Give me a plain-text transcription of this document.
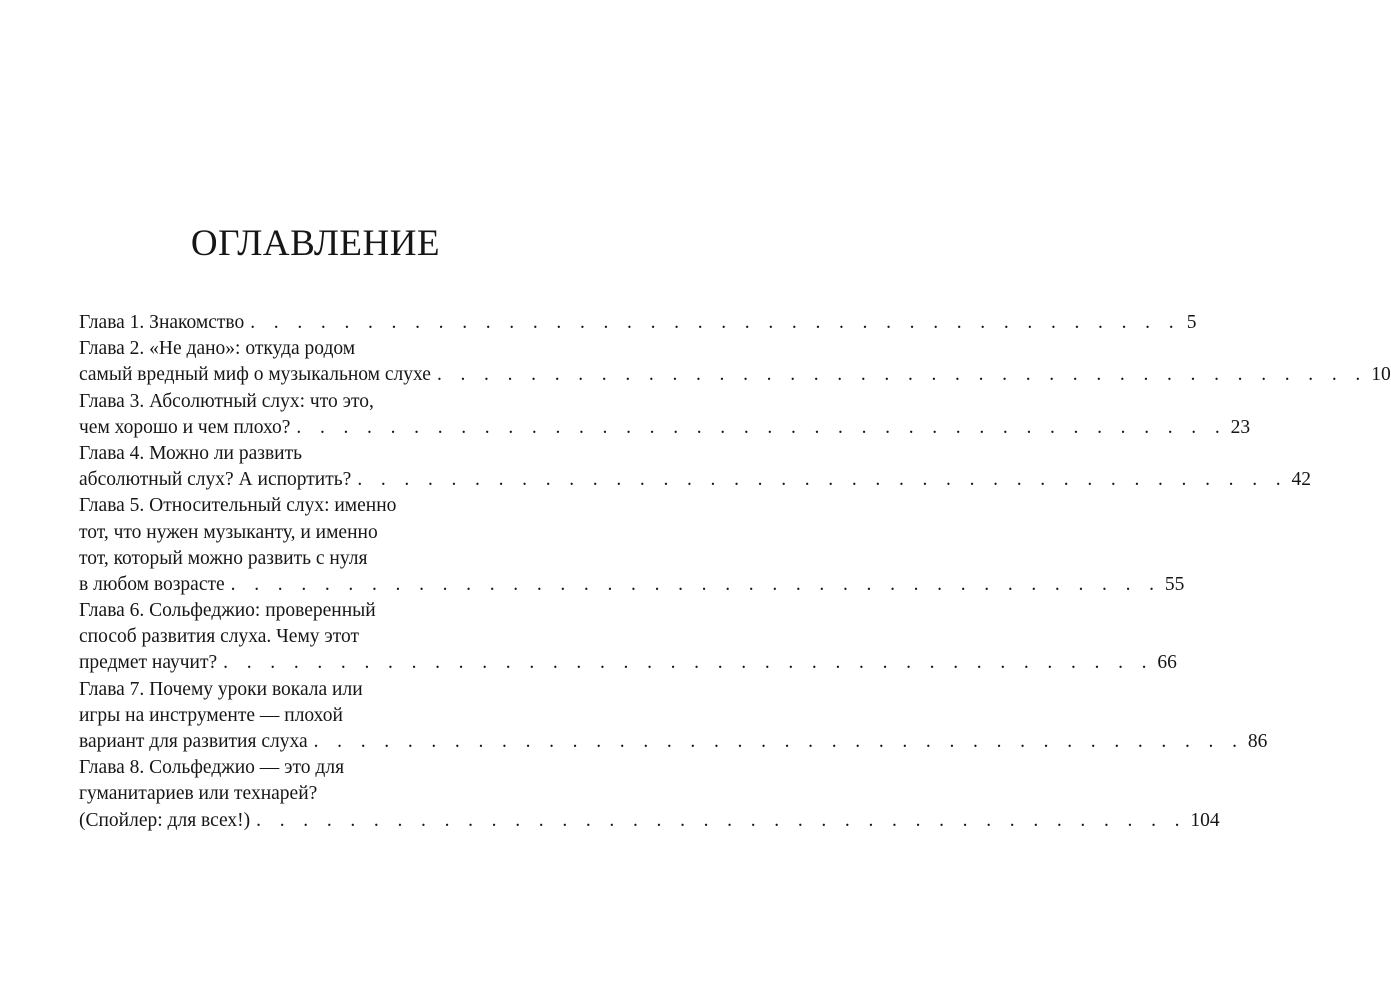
ОГЛАВЛЕНИЕ
Глава 1. Знакомство . . . . . . . . . . . . . . . . . . . . . . . . . . . . . . . . . . . . . . . . 5
Глава 2. «Не дано»: откуда родом
самый вредный миф о музыкальном слухе . . . . . . . . . . . . . . . . . . . . . . . . . . . . . . . . . . . . . . . . 10
Глава 3. Абсолютный слух: что это,
чем хорошо и чем плохо? . . . . . . . . . . . . . . . . . . . . . . . . . . . . . . . . . . . . . . . . 23
Глава 4. Можно ли развить
абсолютный слух? А испортить? . . . . . . . . . . . . . . . . . . . . . . . . . . . . . . . . . . . . . . . . 42
Глава 5. Относительный слух: именно
тот, что нужен музыканту, и именно
тот, который можно развить с нуля
в любом возрасте . . . . . . . . . . . . . . . . . . . . . . . . . . . . . . . . . . . . . . . . 55
Глава 6. Сольфеджио: проверенный
способ развития слуха. Чему этот
предмет научит? . . . . . . . . . . . . . . . . . . . . . . . . . . . . . . . . . . . . . . . . 66
Глава 7. Почему уроки вокала или
игры на инструменте — плохой
вариант для развития слуха . . . . . . . . . . . . . . . . . . . . . . . . . . . . . . . . . . . . . . . . 86
Глава 8. Сольфеджио — это для
гуманитариев или технарей?
(Спойлер: для всех!) . . . . . . . . . . . . . . . . . . . . . . . . . . . . . . . . . . . . . . . . 104
